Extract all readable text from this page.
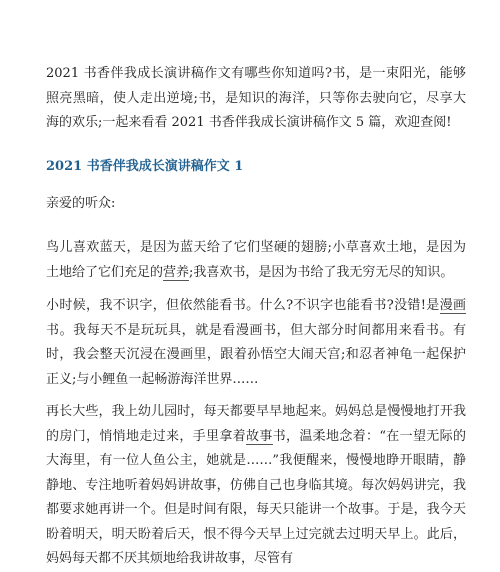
2021 书香伴我成长演讲稿作文有哪些你知道吗?书，是一束阳光，能够照亮黑暗，使人走出逆境;书，是知识的海洋，只等你去驶向它，尽享大海的欢乐;一起来看看 2021 书香伴我成长演讲稿作文 5 篇，欢迎查阅!

2021 书香伴我成长演讲稿作文 1

亲爱的听众:

鸟儿喜欢蓝天，是因为蓝天给了它们坚硬的翅膀;小草喜欢土地，是因为土地给了它们充足的营养;我喜欢书，是因为书给了我无穷无尽的知识。

小时候，我不识字，但依然能看书。什么?不识字也能看书?没错!是漫画书。我每天不是玩玩具，就是看漫画书，但大部分时间都用来看书。有时，我会整天沉浸在漫画里，跟着孙悟空大闹天宫;和忍者神龟一起保护正义;与小鲤鱼一起畅游海洋世界……

再长大些，我上幼儿园时，每天都要早早地起来。妈妈总是慢慢地打开我的房门，悄悄地走过来，手里拿着故事书，温柔地念着：“在一望无际的大海里，有一位人鱼公主，她就是……”我便醒来，慢慢地睁开眼睛，静静地、专注地听着妈妈讲故事，仿佛自己也身临其境。每次妈妈讲完，我都要求她再讲一个。但是时间有限，每天只能讲一个故事。于是，我今天盼着明天，明天盼着后天，恨不得今天早上过完就去过明天早上。此后，妈妈每天都不厌其烦地给我讲故事，尽管有
